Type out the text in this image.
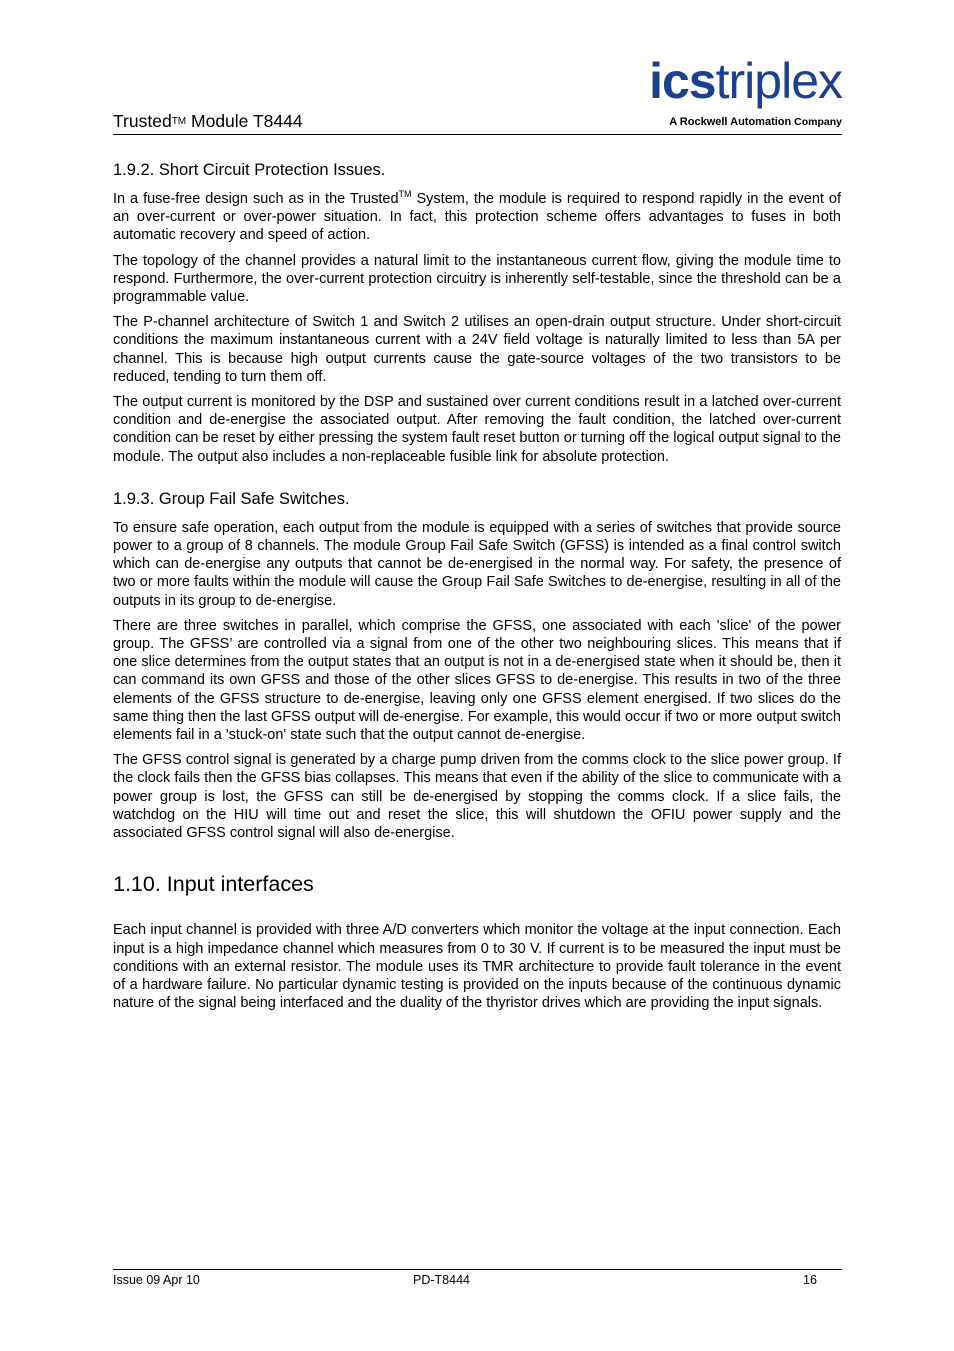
Trusted™ Module T8444
icstriplex
A Rockwell Automation Company
1.9.2. Short Circuit Protection Issues.

In a fuse-free design such as in the Trusted™ System, the module is required to respond rapidly in the event of an over-current or over-power situation. In fact, this protection scheme offers advantages to fuses in both automatic recovery and speed of action.

The topology of the channel provides a natural limit to the instantaneous current flow, giving the module time to respond. Furthermore, the over-current protection circuitry is inherently self-testable, since the threshold can be a programmable value.

The P-channel architecture of Switch 1 and Switch 2 utilises an open-drain output structure. Under short-circuit conditions the maximum instantaneous current with a 24V field voltage is naturally limited to less than 5A per channel. This is because high output currents cause the gate-source voltages of the two transistors to be reduced, tending to turn them off.

The output current is monitored by the DSP and sustained over current conditions result in a latched over-current condition and de-energise the associated output. After removing the fault condition, the latched over-current condition can be reset by either pressing the system fault reset button or turning off the logical output signal to the module. The output also includes a non-replaceable fusible link for absolute protection.

1.9.3. Group Fail Safe Switches.

To ensure safe operation, each output from the module is equipped with a series of switches that provide source power to a group of 8 channels. The module Group Fail Safe Switch (GFSS) is intended as a final control switch which can de-energise any outputs that cannot be de-energised in the normal way. For safety, the presence of two or more faults within the module will cause the Group Fail Safe Switches to de-energise, resulting in all of the outputs in its group to de-energise.

There are three switches in parallel, which comprise the GFSS, one associated with each 'slice' of the power group. The GFSS’ are controlled via a signal from one of the other two neighbouring slices. This means that if one slice determines from the output states that an output is not in a de-energised state when it should be, then it can command its own GFSS and those of the other slices GFSS to de-energise. This results in two of the three elements of the GFSS structure to de-energise, leaving only one GFSS element energised. If two slices do the same thing then the last GFSS output will de-energise. For example, this would occur if two or more output switch elements fail in a 'stuck-on' state such that the output cannot de-energise.

The GFSS control signal is generated by a charge pump driven from the comms clock to the slice power group. If the clock fails then the GFSS bias collapses. This means that even if the ability of the slice to communicate with a power group is lost, the GFSS can still be de-energised by stopping the comms clock. If a slice fails, the watchdog on the HIU will time out and reset the slice, this will shutdown the OFIU power supply and the associated GFSS control signal will also de-energise.

1.10. Input interfaces

Each input channel is provided with three A/D converters which monitor the voltage at the input connection. Each input is a high impedance channel which measures from 0 to 30 V. If current is to be measured the input must be conditions with an external resistor. The module uses its TMR architecture to provide fault tolerance in the event of a hardware failure. No particular dynamic testing is provided on the inputs because of the continuous dynamic nature of the signal being interfaced and the duality of the thyristor drives which are providing the input signals.

Issue 09 Apr 10	PD-T8444	16
